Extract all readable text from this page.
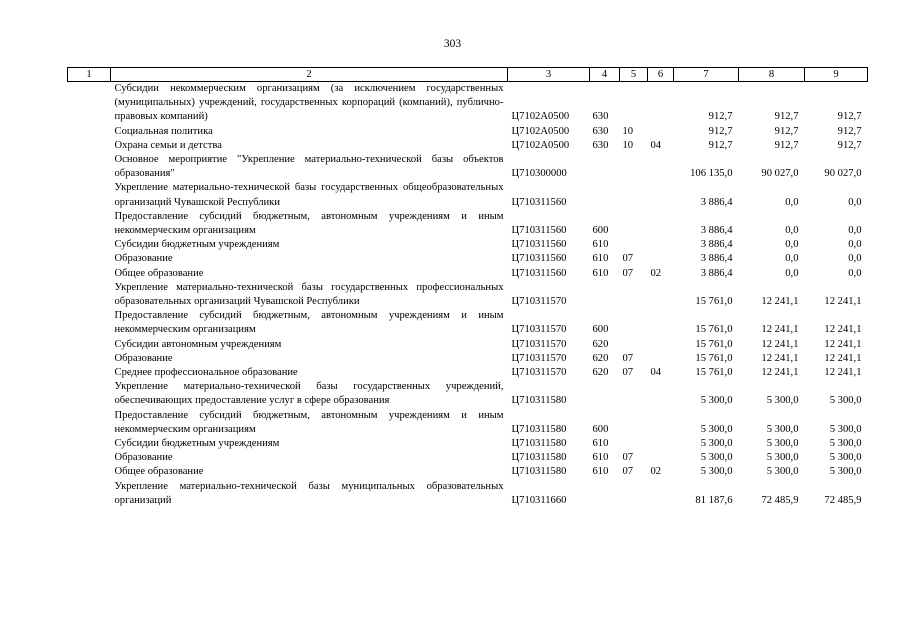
303
1	2	3	4	5	6	7	8	9
	Субсидии некоммерческим организациям (за исключением государственных (муниципальных) учреждений, государственных корпораций (компаний), публично-правовых компаний)	Ц7102А0500	630			912,7	912,7	912,7
	Социальная политика	Ц7102А0500	630	10		912,7	912,7	912,7
	Охрана семьи и детства	Ц7102А0500	630	10	04	912,7	912,7	912,7
	Основное мероприятие "Укрепление материально-технической базы объектов образования"	Ц710300000				106 135,0	90 027,0	90 027,0
	Укрепление материально-технической базы государственных общеобразовательных организаций Чувашской Республики	Ц710311560				3 886,4	0,0	0,0
	Предоставление субсидий бюджетным, автономным учреждениям и иным некоммерческим организациям	Ц710311560	600			3 886,4	0,0	0,0
	Субсидии бюджетным учреждениям	Ц710311560	610			3 886,4	0,0	0,0
	Образование	Ц710311560	610	07		3 886,4	0,0	0,0
	Общее образование	Ц710311560	610	07	02	3 886,4	0,0	0,0
	Укрепление материально-технической базы государственных профессиональных образовательных организаций Чувашской Республики	Ц710311570				15 761,0	12 241,1	12 241,1
	Предоставление субсидий бюджетным, автономным учреждениям и иным некоммерческим организациям	Ц710311570	600			15 761,0	12 241,1	12 241,1
	Субсидии автономным учреждениям	Ц710311570	620			15 761,0	12 241,1	12 241,1
	Образование	Ц710311570	620	07		15 761,0	12 241,1	12 241,1
	Среднее профессиональное образование	Ц710311570	620	07	04	15 761,0	12 241,1	12 241,1
	Укрепление материально-технической базы государственных учреждений, обеспечивающих предоставление услуг в сфере образования	Ц710311580				5 300,0	5 300,0	5 300,0
	Предоставление субсидий бюджетным, автономным учреждениям и иным некоммерческим организациям	Ц710311580	600			5 300,0	5 300,0	5 300,0
	Субсидии бюджетным учреждениям	Ц710311580	610			5 300,0	5 300,0	5 300,0
	Образование	Ц710311580	610	07		5 300,0	5 300,0	5 300,0
	Общее образование	Ц710311580	610	07	02	5 300,0	5 300,0	5 300,0
	Укрепление материально-технической базы муниципальных образовательных организаций	Ц710311660				81 187,6	72 485,9	72 485,9
